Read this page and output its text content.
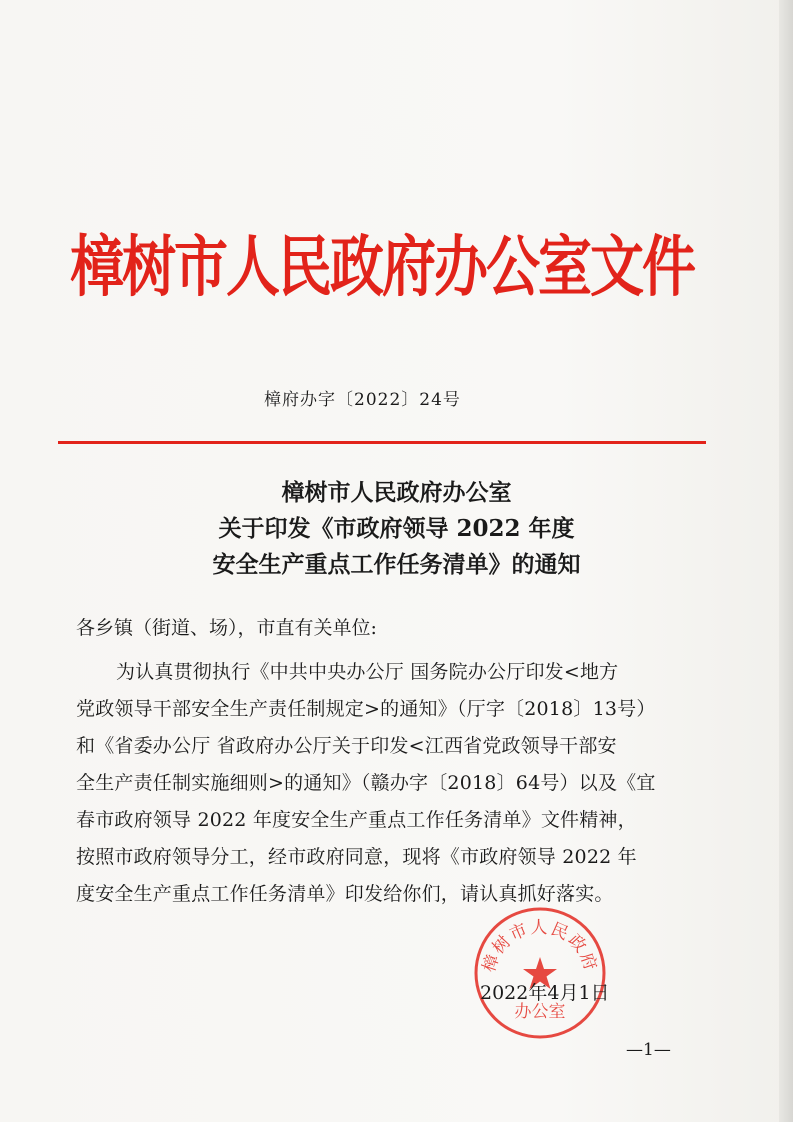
樟树市人民政府办公室文件
樟府办字〔2022〕24号
樟树市人民政府办公室
关于印发《市政府领导 2022 年度
安全生产重点工作任务清单》的通知
各乡镇（街道、场），市直有关单位:
为认真贯彻执行《中共中央办公厅 国务院办公厅印发<地方
党政领导干部安全生产责任制规定>的通知》（厅字〔2018〕13号）
和《省委办公厅 省政府办公厅关于印发<江西省党政领导干部安
全生产责任制实施细则>的通知》（赣办字〔2018〕64号）以及《宜
春市政府领导 2022 年度安全生产重点工作任务清单》文件精神，
按照市政府领导分工，经市政府同意，现将《市政府领导 2022 年
度安全生产重点工作任务清单》印发给你们，请认真抓好落实。
樟树市人民政府
办公室
2022年4月1日
—1—
